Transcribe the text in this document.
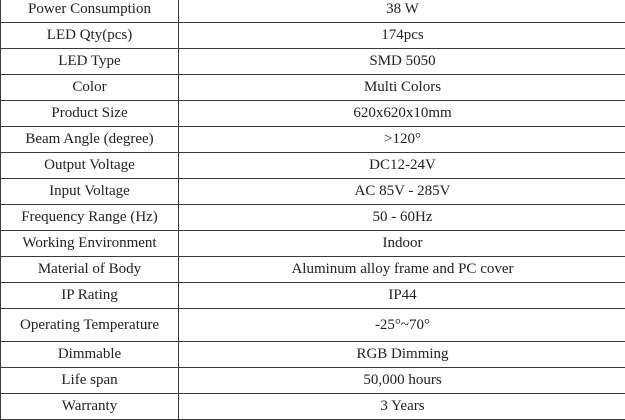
Power Consumption	38 W
LED Qty(pcs)	174pcs
LED Type	SMD 5050
Color	Multi Colors
Product Size	620x620x10mm
Beam Angle (degree)	>120°
Output Voltage	DC12-24V
Input Voltage	AC 85V - 285V
Frequency Range (Hz)	50 - 60Hz
Working Environment	Indoor
Material of Body	Aluminum alloy frame and PC cover
IP Rating	IP44
Operating Temperature	-25°~70°
Dimmable	RGB Dimming
Life span	50,000 hours
Warranty	3 Years
